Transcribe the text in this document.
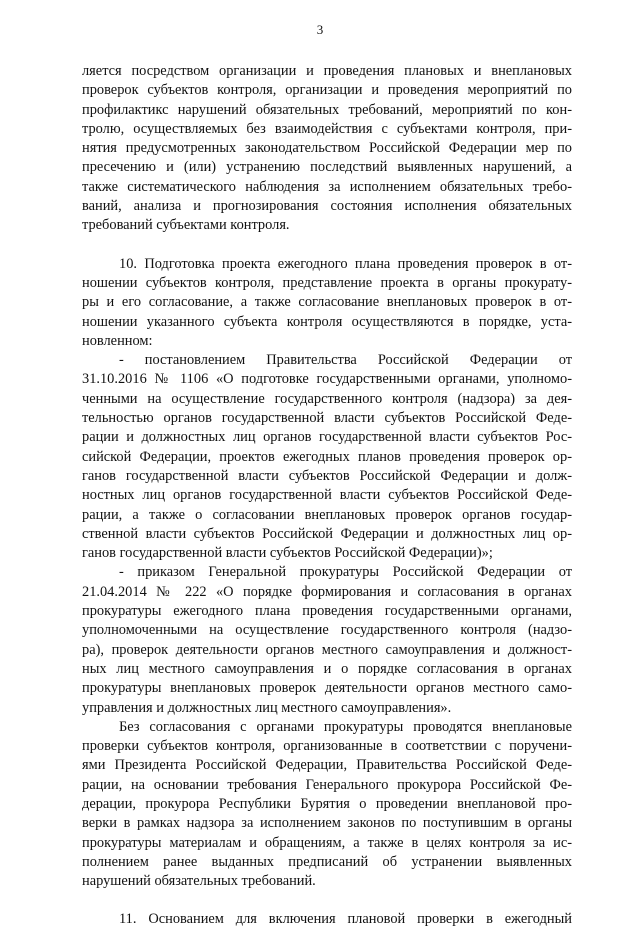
3
ляется посредством организации и проведения плановых и внеплановых
проверок субъектов контроля, организации и проведения мероприятий по
профилактикс нарушений обязательных требований, мероприятий по кон-
тролю, осуществляемых без взаимодействия с субъектами контроля, при-
нятия предусмотренных законодательством Российской Федерации мер по
пресечению и (или) устранению последствий выявленных нарушений, а
также систематического наблюдения за исполнением обязательных требо-
ваний, анализа и прогнозирования состояния исполнения обязательных
требований субъектами контроля.
10. Подготовка проекта ежегодного плана проведения проверок в от-
ношении субъектов контроля, представление проекта в органы прокурату-
ры и его согласование, а также согласование внеплановых проверок в от-
ношении указанного субъекта контроля осуществляются в порядке, уста-
новленном:
- постановлением Правительства Российской Федерации от
31.10.2016 № 1106 «О подготовке государственными органами, уполномо-
ченными на осуществление государственного контроля (надзора) за дея-
тельностью органов государственной власти субъектов Российской Феде-
рации и должностных лиц органов государственной власти субъектов Рос-
сийской Федерации, проектов ежегодных планов проведения проверок ор-
ганов государственной власти субъектов Российской Федерации и долж-
ностных лиц органов государственной власти субъектов Российской Феде-
рации, а также о согласовании внеплановых проверок органов государ-
ственной власти субъектов Российской Федерации и должностных лиц ор-
ганов государственной власти субъектов Российской Федерации)»;
- приказом Генеральной прокуратуры Российской Федерации от
21.04.2014 № 222 «О порядке формирования и согласования в органах
прокуратуры ежегодного плана проведения государственными органами,
уполномоченными на осуществление государственного контроля (надзо-
ра), проверок деятельности органов местного самоуправления и должност-
ных лиц местного самоуправления и о порядке согласования в органах
прокуратуры внеплановых проверок деятельности органов местного само-
управления и должностных лиц местного самоуправления».
Без согласования с органами прокуратуры проводятся внеплановые
проверки субъектов контроля, организованные в соответствии с поручени-
ями Президента Российской Федерации, Правительства Российской Феде-
рации, на основании требования Генерального прокурора Российской Фе-
дерации, прокурора Республики Бурятия о проведении внеплановой про-
верки в рамках надзора за исполнением законов по поступившим в органы
прокуратуры материалам и обращениям, а также в целях контроля за ис-
полнением ранее выданных предписаний об устранении выявленных
нарушений обязательных требований.
11. Основанием для включения плановой проверки в ежегодный
